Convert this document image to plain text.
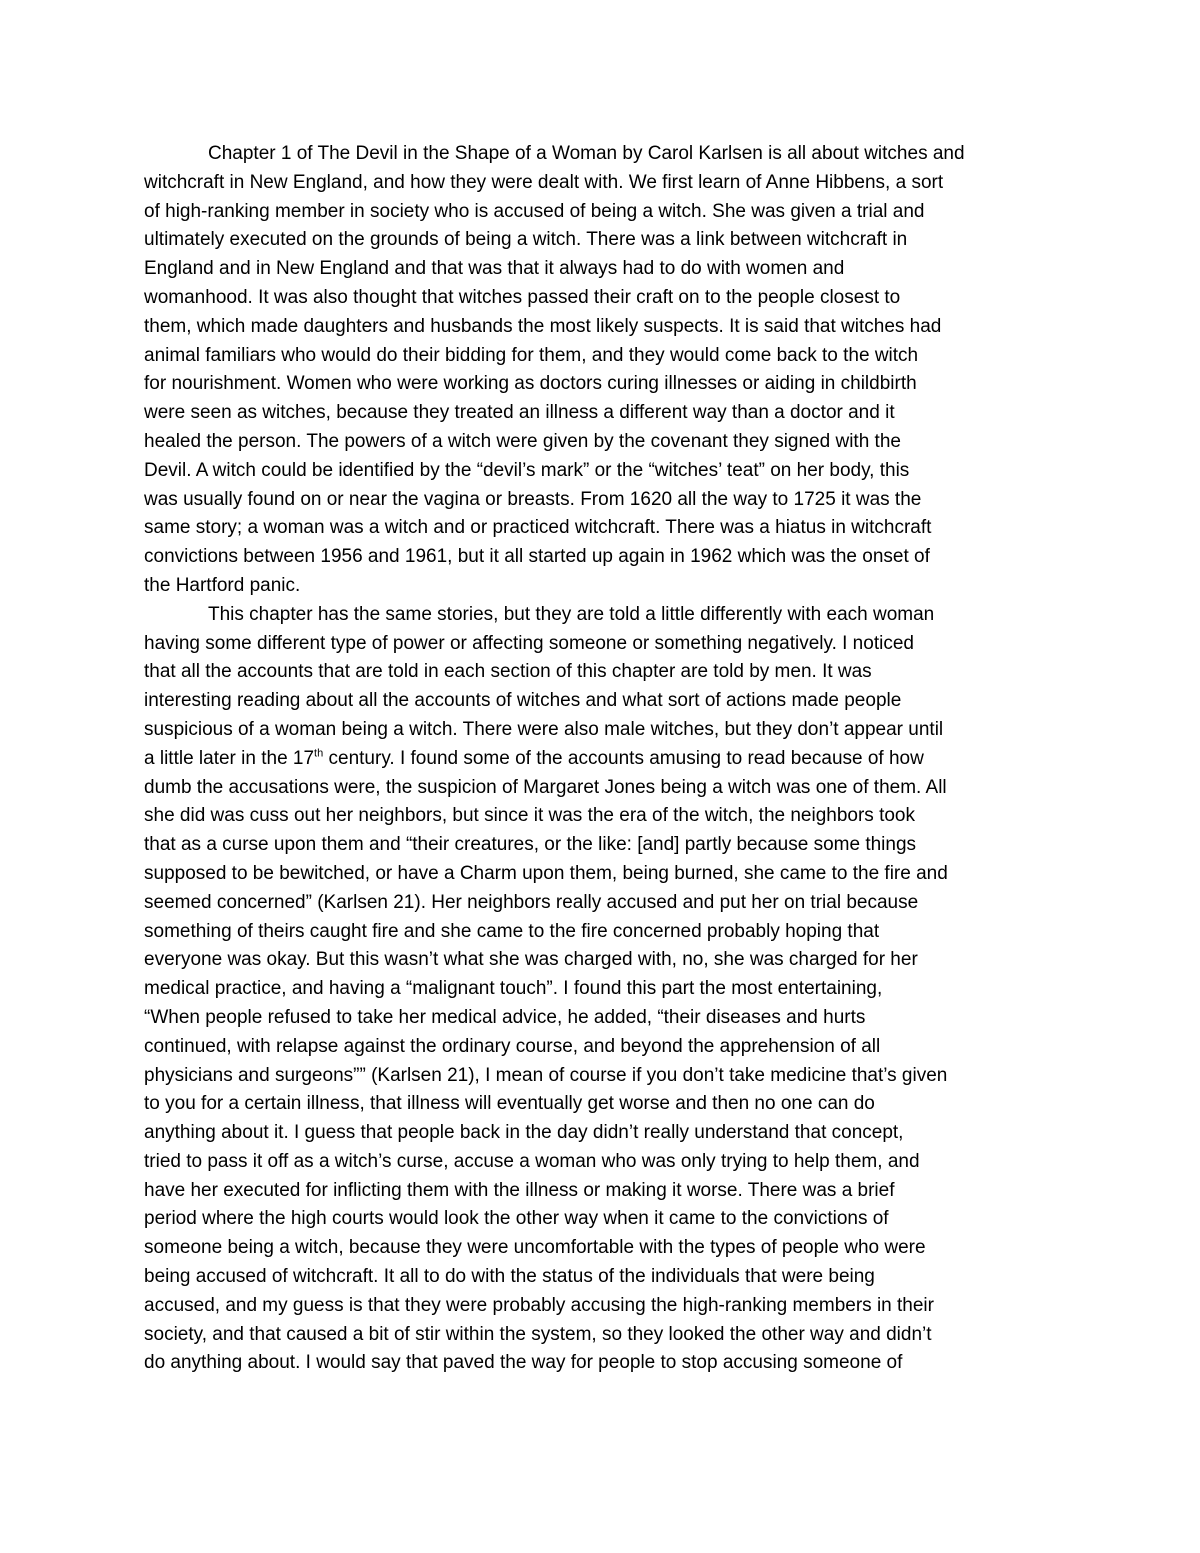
Chapter 1 of The Devil in the Shape of a Woman by Carol Karlsen is all about witches and
witchcraft in New England, and how they were dealt with. We first learn of Anne Hibbens, a sort
of high-ranking member in society who is accused of being a witch. She was given a trial and
ultimately executed on the grounds of being a witch. There was a link between witchcraft in
England and in New England and that was that it always had to do with women and
womanhood. It was also thought that witches passed their craft on to the people closest to
them, which made daughters and husbands the most likely suspects. It is said that witches had
animal familiars who would do their bidding for them, and they would come back to the witch
for nourishment. Women who were working as doctors curing illnesses or aiding in childbirth
were seen as witches, because they treated an illness a different way than a doctor and it
healed the person. The powers of a witch were given by the covenant they signed with the
Devil. A witch could be identified by the “devil’s mark” or the “witches’ teat” on her body, this
was usually found on or near the vagina or breasts. From 1620 all the way to 1725 it was the
same story; a woman was a witch and or practiced witchcraft. There was a hiatus in witchcraft
convictions between 1956 and 1961, but it all started up again in 1962 which was the onset of
the Hartford panic.
This chapter has the same stories, but they are told a little differently with each woman
having some different type of power or affecting someone or something negatively. I noticed
that all the accounts that are told in each section of this chapter are told by men. It was
interesting reading about all the accounts of witches and what sort of actions made people
suspicious of a woman being a witch. There were also male witches, but they don’t appear until
a little later in the 17th century. I found some of the accounts amusing to read because of how
dumb the accusations were, the suspicion of Margaret Jones being a witch was one of them. All
she did was cuss out her neighbors, but since it was the era of the witch, the neighbors took
that as a curse upon them and “their creatures, or the like: [and] partly because some things
supposed to be bewitched, or have a Charm upon them, being burned, she came to the fire and
seemed concerned” (Karlsen 21). Her neighbors really accused and put her on trial because
something of theirs caught fire and she came to the fire concerned probably hoping that
everyone was okay. But this wasn’t what she was charged with, no, she was charged for her
medical practice, and having a “malignant touch”. I found this part the most entertaining,
“When people refused to take her medical advice, he added, “their diseases and hurts
continued, with relapse against the ordinary course, and beyond the apprehension of all
physicians and surgeons”” (Karlsen 21), I mean of course if you don’t take medicine that’s given
to you for a certain illness, that illness will eventually get worse and then no one can do
anything about it. I guess that people back in the day didn’t really understand that concept,
tried to pass it off as a witch’s curse, accuse a woman who was only trying to help them, and
have her executed for inflicting them with the illness or making it worse. There was a brief
period where the high courts would look the other way when it came to the convictions of
someone being a witch, because they were uncomfortable with the types of people who were
being accused of witchcraft. It all to do with the status of the individuals that were being
accused, and my guess is that they were probably accusing the high-ranking members in their
society, and that caused a bit of stir within the system, so they looked the other way and didn’t
do anything about. I would say that paved the way for people to stop accusing someone of
